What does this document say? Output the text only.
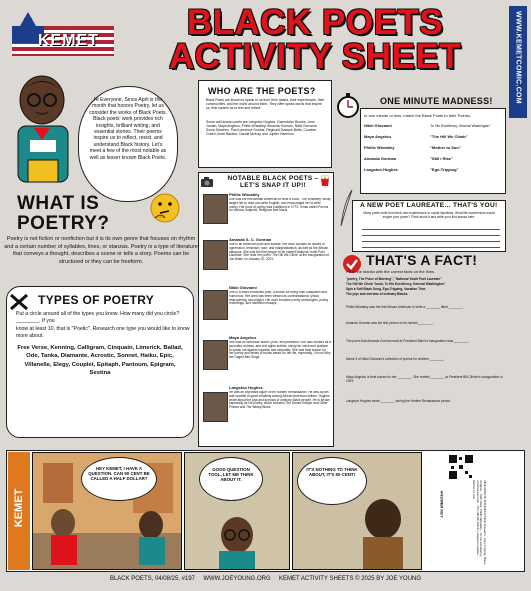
KEMET	BLACK POETS
ACTIVITY SHEET	WWW.KEMETCOMIC.COM
Hi Everyone, Since April is the month that honors Poetry, let us consider the works of Black Poets. Black poets' work provides rich insights, brilliant writing, and essential stories. Their poems inspire us to reflect, resist, and understand Black history. Let's meet a few of the most notable as well as lesser known Black Poets.
WHAT IS POETRY?
Poetry is not fiction or nonfiction but it is its own genre that focuses on rhythm and a certain number of syllables, lines, or stanzas. Poetry is a type of literature that conveys a thought, describes a scene or tells a story. Poems can be structured or they can be freeform.
TYPES OF POETRY
Put a circle around all of the types you know. How many did you circle? ________. If you
know at least 10, that is "Poetic". Research one type you would like to know more about.
Free Verse, Kenning, Calligram, Cinquain, Limerick, Ballad, Ode, Tanka, Diamante, Acrostic, Sonnet, Haiku, Epic, Villanelle, Elegy, Couplet, Epitaph, Pantoum, Epigram, Sestina
WHO ARE THE POETS?
Black Poets are known to speak to us from their hearts, their experiences, their communities, and the world around them. They offer speak words that inspire us, that causes us to feel and reflect.
Some well-known poets are Langston Hughes, Gwendolyn Brooks, June Jordan, Maya Angelou, Phillis Wheatley, Amanda Gorman, Nikki Giovanni, Sonia Sanchez, Paul Laurence Dunbar, Reginald Dwayne Betts, Countee Cullen, Amiri Baraka, Claude McKay, and Jupiter Hammon.
NOTABLE BLACK POETS –
LET'S SNAP IT UP!!
Phillis Wheatley
She was the first African American to write a book, 'The Wheatley' family taught her to read and write English, and encouraged her to write poetry. Her book of poetry was published in 1773. It was called Poems on Various Subjects, Religious and Moral.
Amanda S. C. Gorman
She is an American poet and activist. Her work focuses on issues of oppression, feminism, race, and marginalization, as well as the African diaspora. She was the first person to be named National Youth Poet Laureate. She read her poem 'The Hill We Climb' at the inauguration of Joe Biden on January 20, 2021.
Nikki Giovanni
She is a world-renowned poet, a known for being both outspoken and humorous. Her work has been viewed as confrontational, lyrical, empowering, and playful. Her work includes poetry anthologies, poetry recordings, and nonfiction essays.
Maya Angelou
She was an American author, poet, and professor. She also worked as a journalist, actress, and civil rights activist, using her voice and platform to speak out against injustice and inequality. She was best known for her poetry and series of books based on her life, especially, I Know Why the Caged Bird Sings.
Langston Hughes
He was an important figure of the Harlem Renaissance. He was a poet and novelist of great creativity among African American writers. Hughes wrote about the joys and sorrows of ordinary Black people. He is known especially for his poetry, which includes The Dream Keeper and Other Poems and The Weary Blues.
ONE MINUTE MADNESS!
In one minute or less, match the Black Poets to their Poems.
Nikki Giovanni
Maya Angelou
Phillis Wheatley
Amanda Gorman
Langston Hughes
"In His Excellency, General Washington"
"The Hill We Climb"
"Mother to Son"
"Still I Rise"
"Ego-Tripping"
A NEW POET LAUREATE... THAT'S YOU!
Many poets write from their own experiences or social injustices. What life experiences would inspire your poem? Think about it and write your first stanza here.
THAT'S A FACT!
Fill in the blanks with the correct facts on the lines.
"poetry, The Pulse of Morning", "National Youth Poet Laureate"
The Hill We Climb "book, To His Excellency, General Washington"
Spin a Soft Black Song, Ego-Tripping, Vacation Time
The joys and sorrows of ordinary Blacks
Phillis Wheatley was the first African American to write a ________ titled ________.
Amanda Gorman was the first person to be named ________.
The poem that Amanda Gorman read at President Biden's Inauguration was ________.
Name 3 of Nikki Giovanni's collection of poems for children ________.
Maya Angelou is best known for her ________. She recited ________ at President Bill Clinton's Inauguration in 1993.
Langston Hughes wrote ________ during the Harlem Renaissance period.
KEMET
HEY KEMET, I HAVE A QUESTION. CAN 50 CENT BE CALLED A HALF DOLLAR?
GOOD QUESTION TOOL, LET ME THINK ABOUT IT.
IT'S NOTHING TO THINK ABOUT, IT'S 50 CENT!
ANSWER KEY	ONE MINUTE MADNESS! Nikki Giovanni - Ego-Tripping; Maya Angelou - Still I Rise; Phillis Wheatley - To His Excellency; Amanda Gorman - The Hill We Climb; Langston Hughes - Mother to Son
BLACK POETS, 04/08/25, #197     WWW.JOEYOUNG.ORG     KEMET ACTIVITY SHEETS © 2025 BY JOE YOUNG
